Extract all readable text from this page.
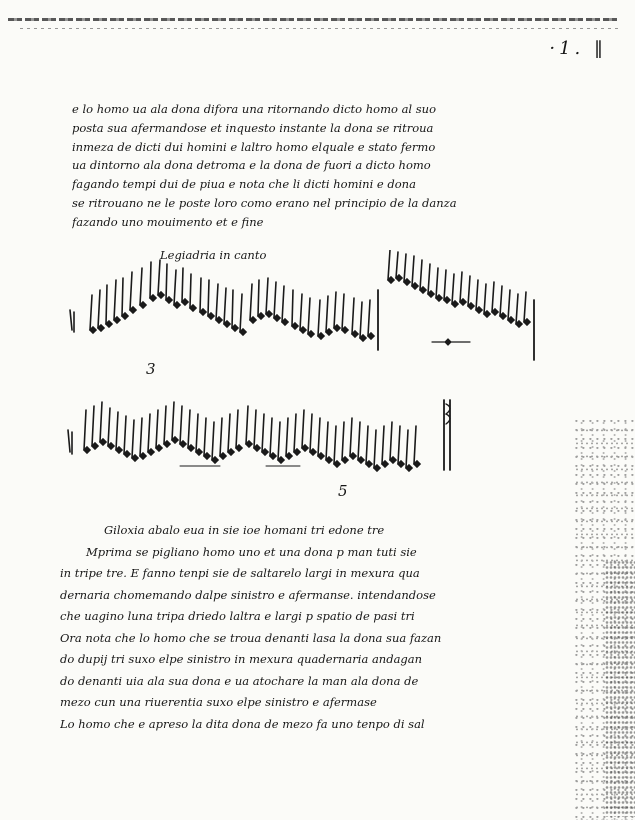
·1. ‖
e lo homo ua ala dona difora una ritornando dicto homo al suo
posta sua afermandose et inquesto instante la dona se ritroua
inmeza de dicti dui homini e laltro homo elquale e stato fermo
ua dintorno ala dona detroma e la dona de fuori a dicto homo
fagando tempi dui de piua e nota che li dicti homini e dona
se ritrouano ne le poste loro como erano nel principio de la danza
fazando uno mouimento et e fine
Legiadria in canto
3
5
Giloxia abalo eua in sie ioe homani tri edone tre
Mprima se pigliano homo uno et una dona p man tuti sie
in tripe tre. E fanno tenpi sie de saltarelo largi in mexura qua
dernaria chomemando dalpe sinistro e afermanse. intendandose
che uagino luna tripa driedo laltra e largi p spatio de pasi tri
Ora nota che lo homo che se troua denanti lasa la dona sua fazan
do dupij tri suxo elpe sinistro in mexura quadernaria andagan
do denanti uia ala sua dona e ua atochare la man ala dona de
mezo cun una riuerentia suxo elpe sinistro e afermase
Lo homo che e apreso la dita dona de mezo fa uno tenpo di sal
